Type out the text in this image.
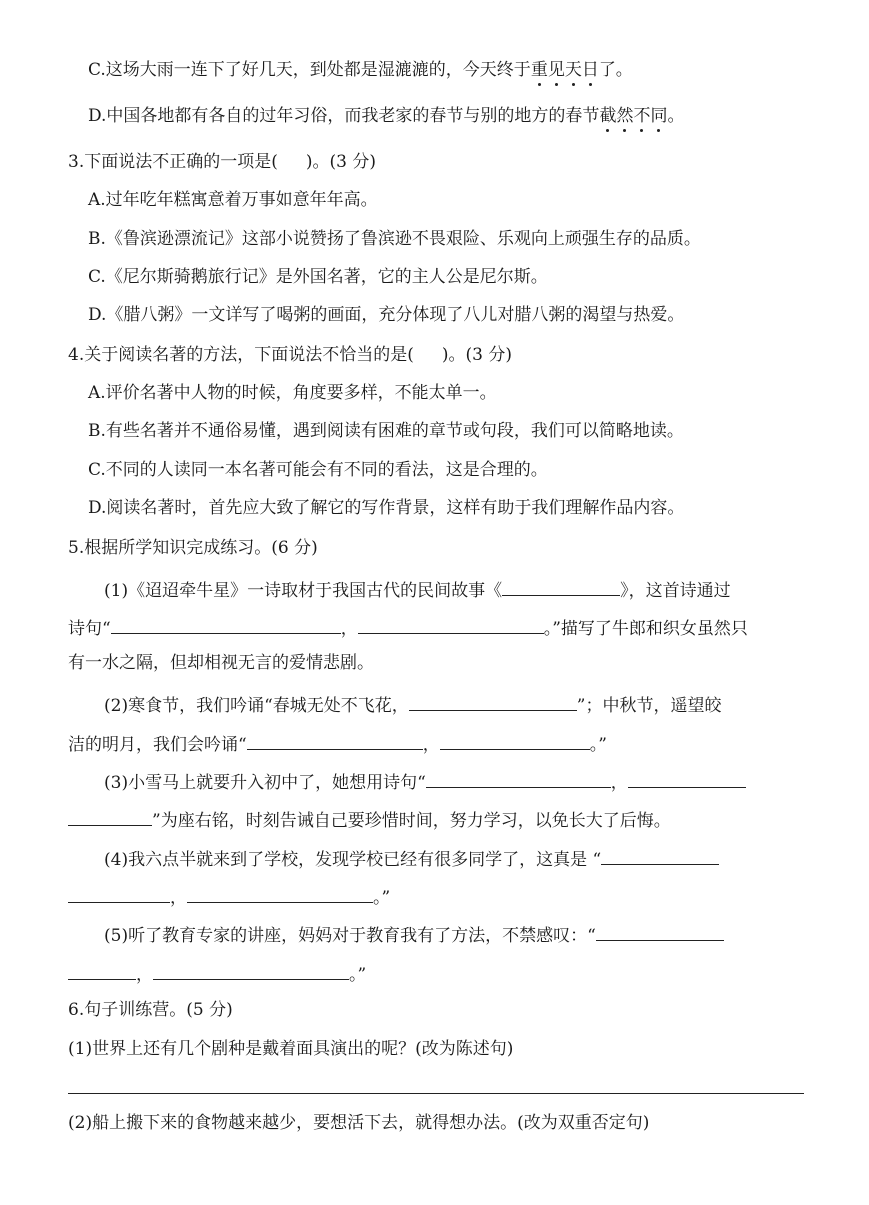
C.这场大雨一连下了好几天，到处都是湿漉漉的，今天终于重见天日了。
D.中国各地都有各自的过年习俗，而我老家的春节与别的地方的春节截然不同。
3.下面说法不正确的一项是( )。(3 分)
A.过年吃年糕寓意着万事如意年年高。
B.《鲁滨逊漂流记》这部小说赞扬了鲁滨逊不畏艰险、乐观向上顽强生存的品质。
C.《尼尔斯骑鹅旅行记》是外国名著，它的主人公是尼尔斯。
D.《腊八粥》一文详写了喝粥的画面，充分体现了八儿对腊八粥的渴望与热爱。
4.关于阅读名著的方法，下面说法不恰当的是( )。(3 分)
A.评价名著中人物的时候，角度要多样，不能太单一。
B.有些名著并不通俗易懂，遇到阅读有困难的章节或句段，我们可以简略地读。
C.不同的人读同一本名著可能会有不同的看法，这是合理的。
D.阅读名著时，首先应大致了解它的写作背景，这样有助于我们理解作品内容。
5.根据所学知识完成练习。(6 分)
(1)《迢迢牵牛星》一诗取材于我国古代的民间故事《	》，这首诗通过
诗句“	，	。”描写了牛郎和织女虽然只
有一水之隔，但却相视无言的爱情悲剧。
(2)寒食节，我们吟诵“春城无处不飞花，	”；中秋节，遥望皎
洁的明月，我们会吟诵“	，	。”
(3)小雪马上就要升入初中了，她想用诗句“	，
”为座右铭，时刻告诫自己要珍惜时间，努力学习，以免长大了后悔。
(4)我六点半就来到了学校，发现学校已经有很多同学了，这真是 “
，	。”
(5)听了教育专家的讲座，妈妈对于教育我有了方法，不禁感叹：“
，	。”
6.句子训练营。(5 分)
(1)世界上还有几个剧种是戴着面具演出的呢？(改为陈述句)
(2)船上搬下来的食物越来越少，要想活下去，就得想办法。(改为双重否定句)
